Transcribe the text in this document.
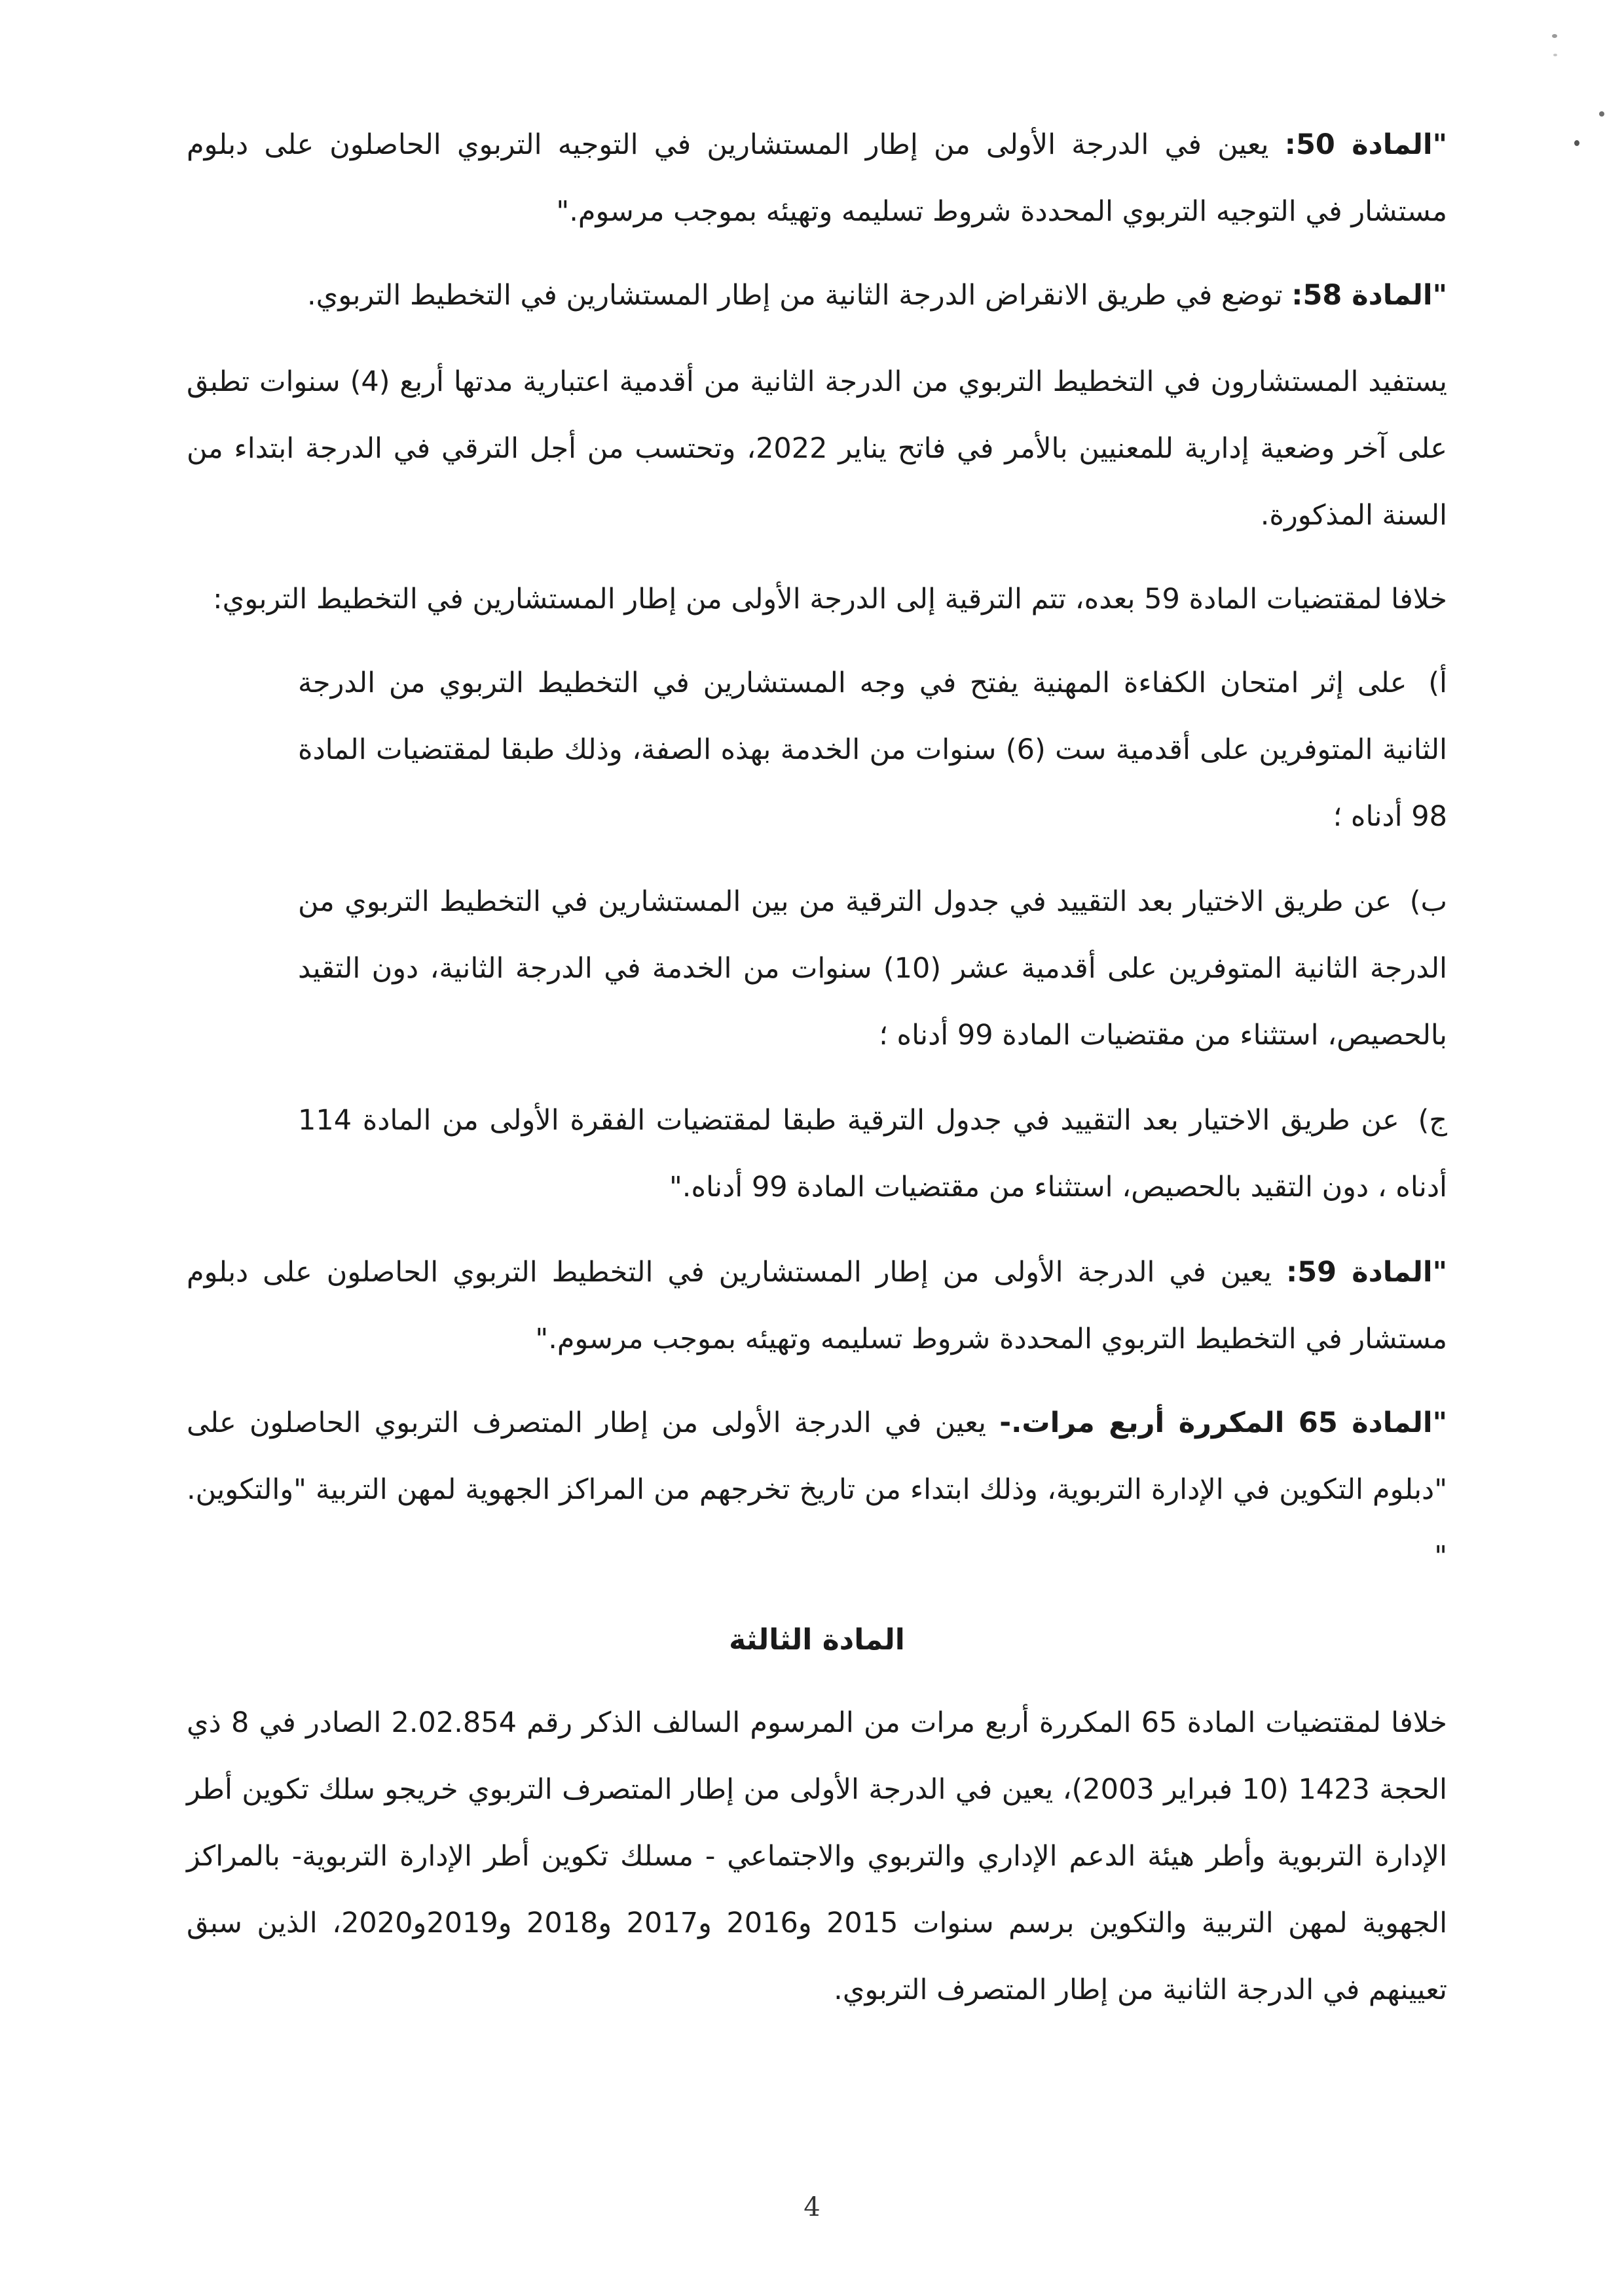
"المادة 50: يعين في الدرجة الأولى من إطار المستشارين في التوجيه التربوي الحاصلون على دبلوم مستشار في التوجيه التربوي المحددة شروط تسليمه وتهيئه بموجب مرسوم."

"المادة 58: توضع في طريق الانقراض الدرجة الثانية من إطار المستشارين في التخطيط التربوي.

يستفيد المستشارون في التخطيط التربوي من الدرجة الثانية من أقدمية اعتبارية مدتها أربع (4) سنوات تطبق على آخر وضعية إدارية للمعنيين بالأمر في فاتح يناير 2022، وتحتسب من أجل الترقي في الدرجة ابتداء من السنة المذكورة.

خلافا لمقتضيات المادة 59 بعده، تتم الترقية إلى الدرجة الأولى من إطار المستشارين في التخطيط التربوي:

أ) على إثر امتحان الكفاءة المهنية يفتح في وجه المستشارين في التخطيط التربوي من الدرجة الثانية المتوفرين على أقدمية ست (6) سنوات من الخدمة بهذه الصفة، وذلك طبقا لمقتضيات المادة 98 أدناه ؛

ب) عن طريق الاختيار بعد التقييد في جدول الترقية من بين المستشارين في التخطيط التربوي من الدرجة الثانية المتوفرين على أقدمية عشر (10) سنوات من الخدمة في الدرجة الثانية، دون التقيد بالحصيص، استثناء من مقتضيات المادة 99 أدناه ؛

ج) عن طريق الاختيار بعد التقييد في جدول الترقية طبقا لمقتضيات الفقرة الأولى من المادة 114 أدناه ، دون التقيد بالحصيص، استثناء من مقتضيات المادة 99 أدناه."

"المادة 59: يعين في الدرجة الأولى من إطار المستشارين في التخطيط التربوي الحاصلون على دبلوم مستشار في التخطيط التربوي المحددة شروط تسليمه وتهيئه بموجب مرسوم."

"المادة 65 المكررة أربع مرات.- يعين في الدرجة الأولى من إطار المتصرف التربوي الحاصلون على "دبلوم التكوين في الإدارة التربوية، وذلك ابتداء من تاريخ تخرجهم من المراكز الجهوية لمهن التربية "والتكوين. "

المادة الثالثة

خلافا لمقتضيات المادة 65 المكررة أربع مرات من المرسوم السالف الذكر رقم 2.02.854 الصادر في 8 ذي الحجة 1423 (10 فبراير 2003)، يعين في الدرجة الأولى من إطار المتصرف التربوي خريجو سلك تكوين أطر الإدارة التربوية وأطر هيئة الدعم الإداري والتربوي والاجتماعي - مسلك تكوين أطر الإدارة التربوية- بالمراكز الجهوية لمهن التربية والتكوين برسم سنوات 2015 و2016 و2017 و2018 و2019و2020، الذين سبق تعيينهم في الدرجة الثانية من إطار المتصرف التربوي.

4
